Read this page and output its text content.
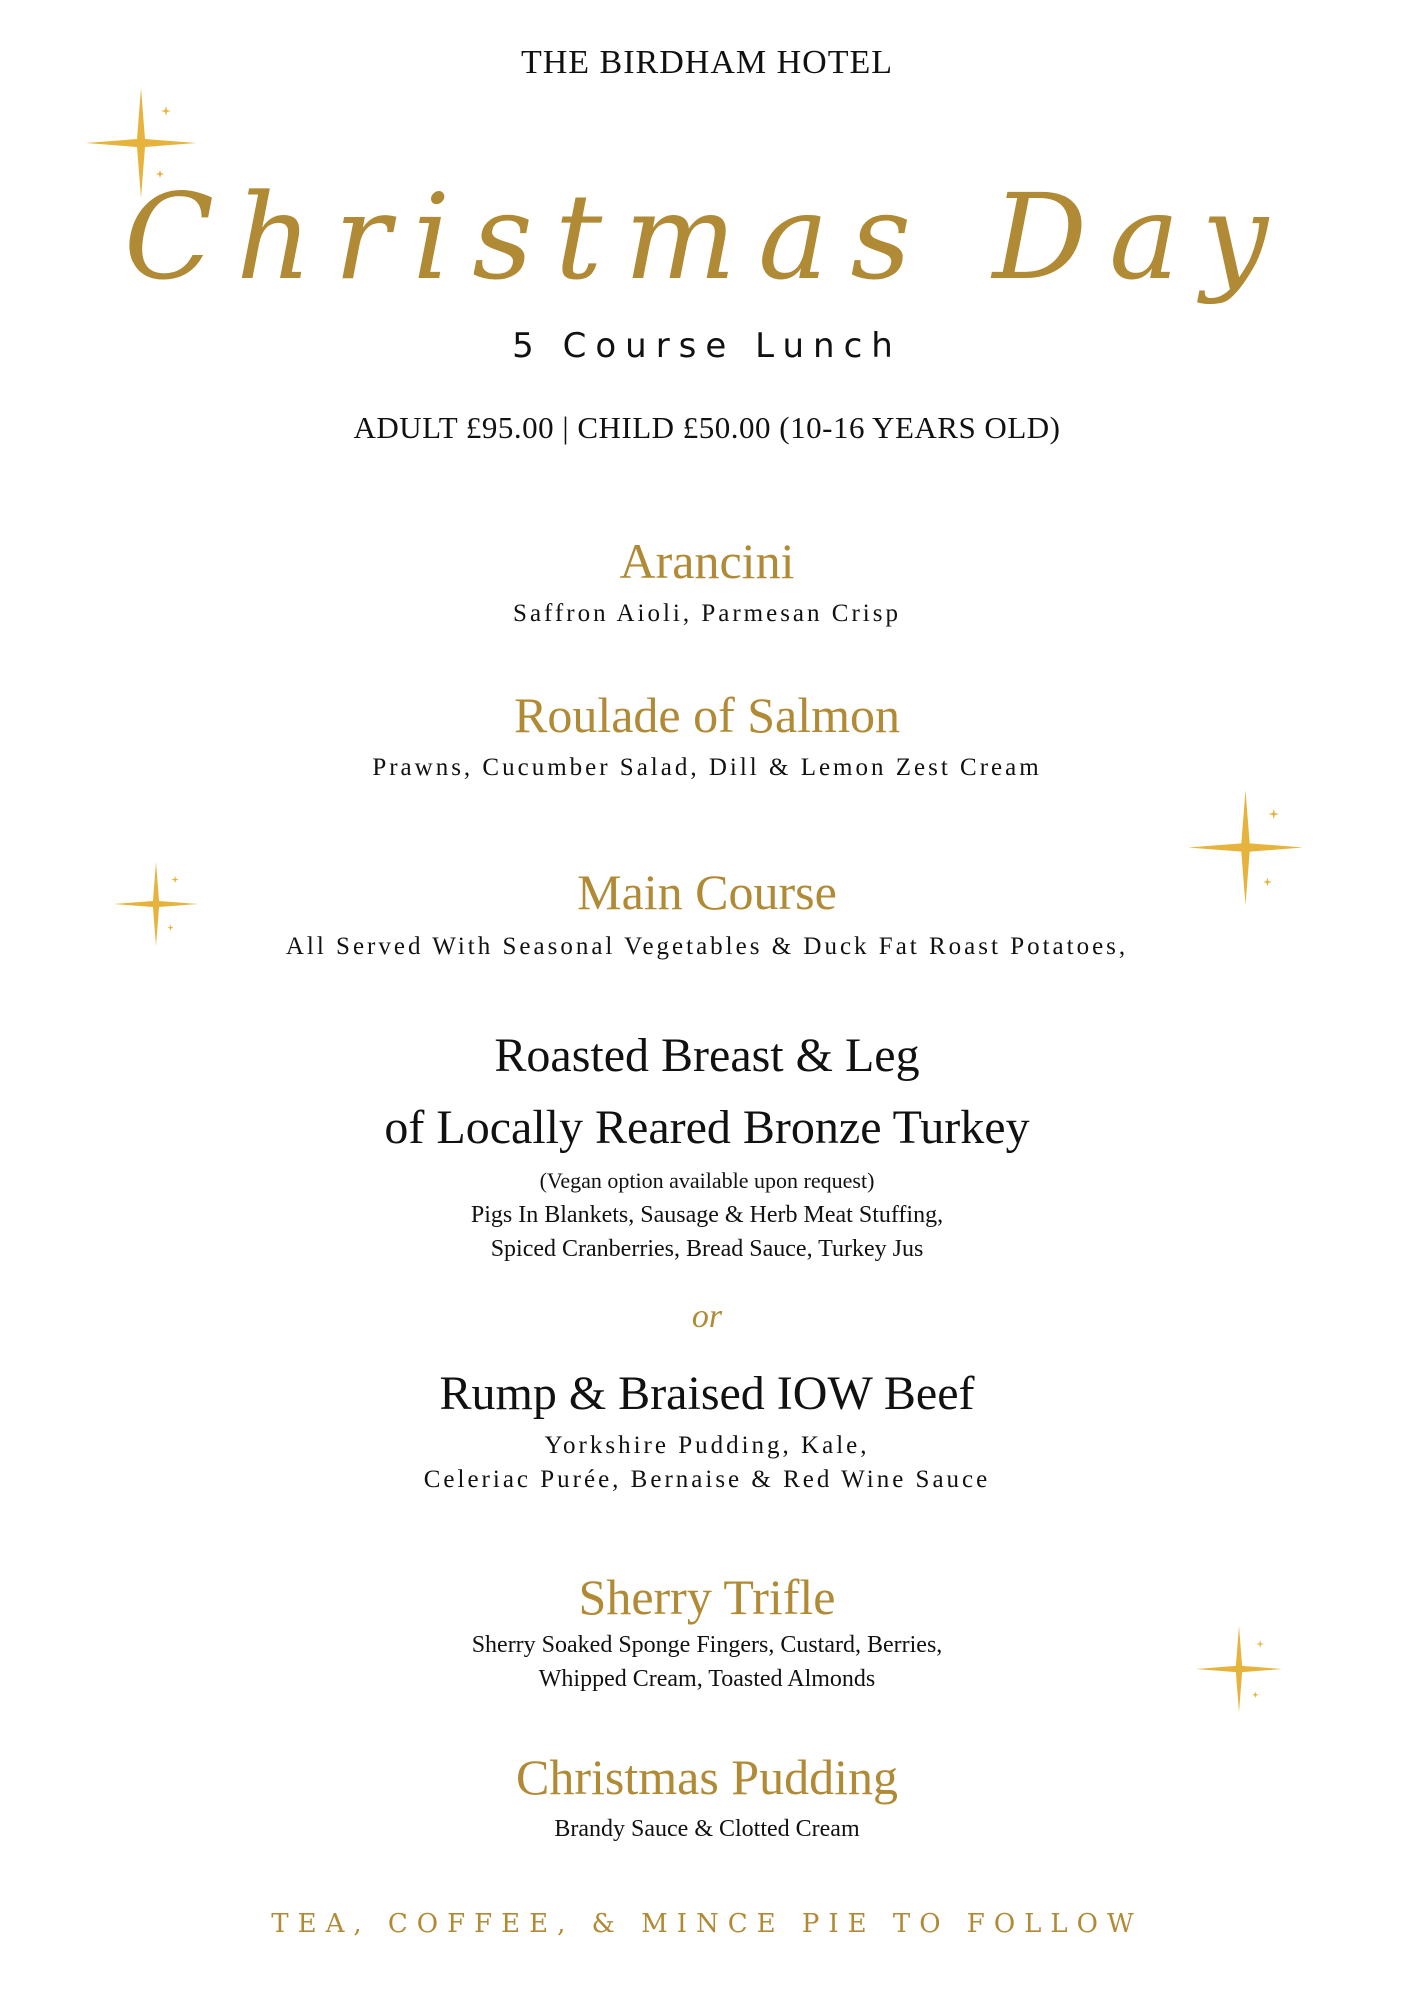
THE BIRDHAM HOTEL
Christmas Day
5 Course Lunch
ADULT £95.00 | CHILD £50.00 (10-16 YEARS OLD)
Arancini
Saffron Aioli, Parmesan Crisp
Roulade of Salmon
Prawns, Cucumber Salad, Dill & Lemon Zest Cream
Main Course
All Served With Seasonal Vegetables & Duck Fat Roast Potatoes,
Roasted Breast & Leg
of Locally Reared Bronze Turkey
(Vegan option available upon request)
Pigs In Blankets, Sausage & Herb Meat Stuffing,
Spiced Cranberries, Bread Sauce, Turkey Jus
or
Rump & Braised IOW Beef
Yorkshire Pudding, Kale,
Celeriac Purée, Bernaise & Red Wine Sauce
Sherry Trifle
Sherry Soaked Sponge Fingers, Custard, Berries,
Whipped Cream, Toasted Almonds
Christmas Pudding
Brandy Sauce & Clotted Cream
TEA, COFFEE, & MINCE PIE TO FOLLOW
